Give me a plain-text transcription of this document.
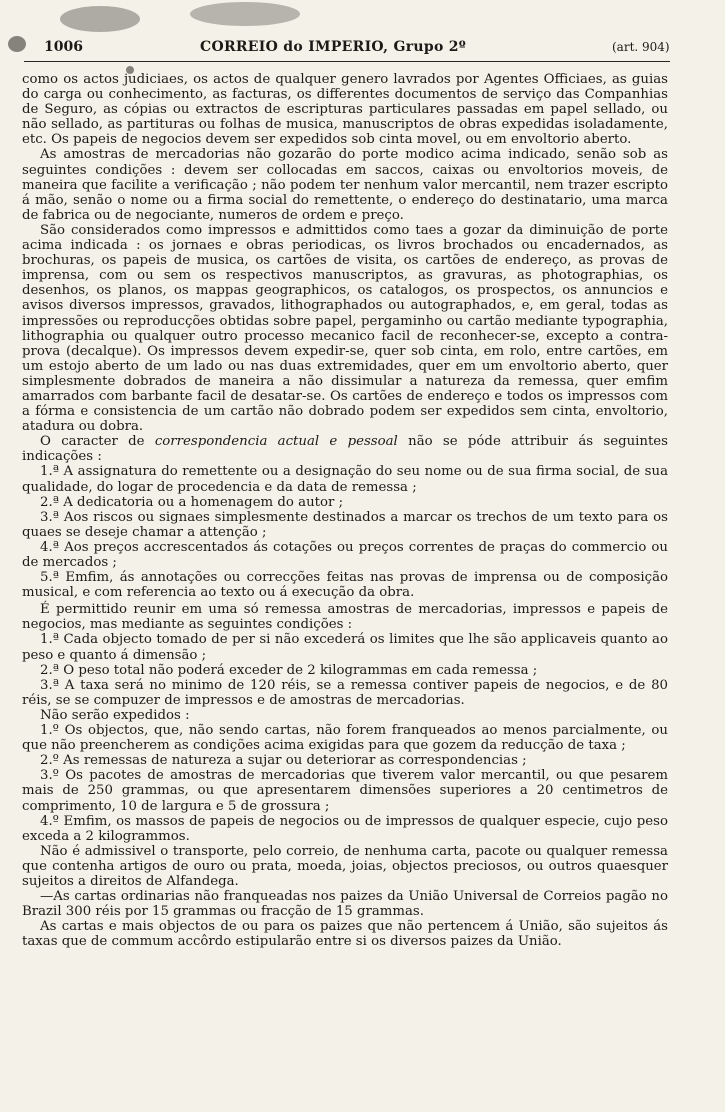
1006	CORREIO do IMPERIO, Grupo 2º	(art. 904)

como os actos judiciaes, os actos de qualquer genero lavrados por Agentes Officiaes, as guias do carga ou conhecimento, as facturas, os differentes documentos de serviço das Companhias de Seguro, as cópias ou extractos de escripturas particulares passadas em papel sellado, ou não sellado, as partituras ou folhas de musica, manuscriptos de obras expedidas isoladamente, etc. Os papeis de negocios devem ser expedidos sob cinta movel, ou em envoltorio aberto.

As amostras de mercadorias não gozarão do porte modico acima indicado, senão sob as seguintes condições : devem ser collocadas em saccos, caixas ou envoltorios moveis, de maneira que facilite a verificação ; não podem ter nenhum valor mercantil, nem trazer escripto á mão, senão o nome ou a firma social do remettente, o endereço do destinatario, uma marca de fabrica ou de negociante, numeros de ordem e preço.

São considerados como impressos e admittidos como taes a gozar da diminuição de porte acima indicada : os jornaes e obras periodicas, os livros brochados ou encadernados, as brochuras, os papeis de musica, os cartões de visita, os cartões de endereço, as provas de imprensa, com ou sem os respectivos manuscriptos, as gravuras, as photographias, os desenhos, os planos, os mappas geographicos, os catalogos, os prospectos, os annuncios e avisos diversos impressos, gravados, lithographados ou autographados, e, em geral, todas as impressões ou reproducções obtidas sobre papel, pergaminho ou cartão mediante typographia, lithographia ou qualquer outro processo mecanico facil de reconhecer-se, excepto a contra-prova (decalque). Os impressos devem expedir-se, quer sob cinta, em rolo, entre cartões, em um estojo aberto de um lado ou nas duas extremidades, quer em um envoltorio aberto, quer simplesmente dobrados de maneira a não dissimular a natureza da remessa, quer emfim amarrados com barbante facil de desatar-se. Os cartões de endereço e todos os impressos com a fórma e consistencia de um cartão não dobrado podem ser expedidos sem cinta, envoltorio, atadura ou dobra.

O caracter de correspondencia actual e pessoal não se póde attribuir ás seguintes indicações :

1.ª A assignatura do remettente ou a designação do seu nome ou de sua firma social, de sua qualidade, do logar de procedencia e da data de remessa ;

2.ª A dedicatoria ou a homenagem do autor ;

3.ª Aos riscos ou signaes simplesmente destinados a marcar os trechos de um texto para os quaes se deseje chamar a attenção ;

4.ª Aos preços accrescentados ás cotações ou preços correntes de praças do commercio ou de mercados ;

5.ª Emfim, ás annotações ou correcções feitas nas provas de imprensa ou de composição musical, e com referencia ao texto ou á execução da obra.

É permittido reunir em uma só remessa amostras de mercadorias, impressos e papeis de negocios, mas mediante as seguintes condições :

1.ª Cada objecto tomado de per si não excederá os limites que lhe são applicaveis quanto ao peso e quanto á dimensão ;

2.ª O peso total não poderá exceder de 2 kilogrammas em cada remessa ;

3.ª A taxa será no minimo de 120 réis, se a remessa contiver papeis de negocios, e de 80 réis, se se compuzer de impressos e de amostras de mercadorias.

Não serão expedidos :

1.º Os objectos, que, não sendo cartas, não forem franqueados ao menos parcialmente, ou que não preencherem as condições acima exigidas para que gozem da reducção de taxa ;

2.º As remessas de natureza a sujar ou deteriorar as correspondencias ;

3.º Os pacotes de amostras de mercadorias que tiverem valor mercantil, ou que pesarem mais de 250 grammas, ou que apresentarem dimensões superiores a 20 centimetros de comprimento, 10 de largura e 5 de grossura ;

4.º Emfim, os massos de papeis de negocios ou de impressos de qualquer especie, cujo peso exceda a 2 kilogrammos.

Não é admissivel o transporte, pelo correio, de nenhuma carta, pacote ou qualquer remessa que contenha artigos de ouro ou prata, moeda, joias, objectos preciosos, ou outros quaesquer sujeitos a direitos de Alfandega.

—As cartas ordinarias não franqueadas nos paizes da União Universal de Correios pagão no Brazil 300 réis por 15 grammas ou fracção de 15 grammas.

As cartas e mais objectos de ou para os paizes que não pertencem á União, são sujeitos ás taxas que de commum accôrdo estipularão entre si os diversos paizes da União.
